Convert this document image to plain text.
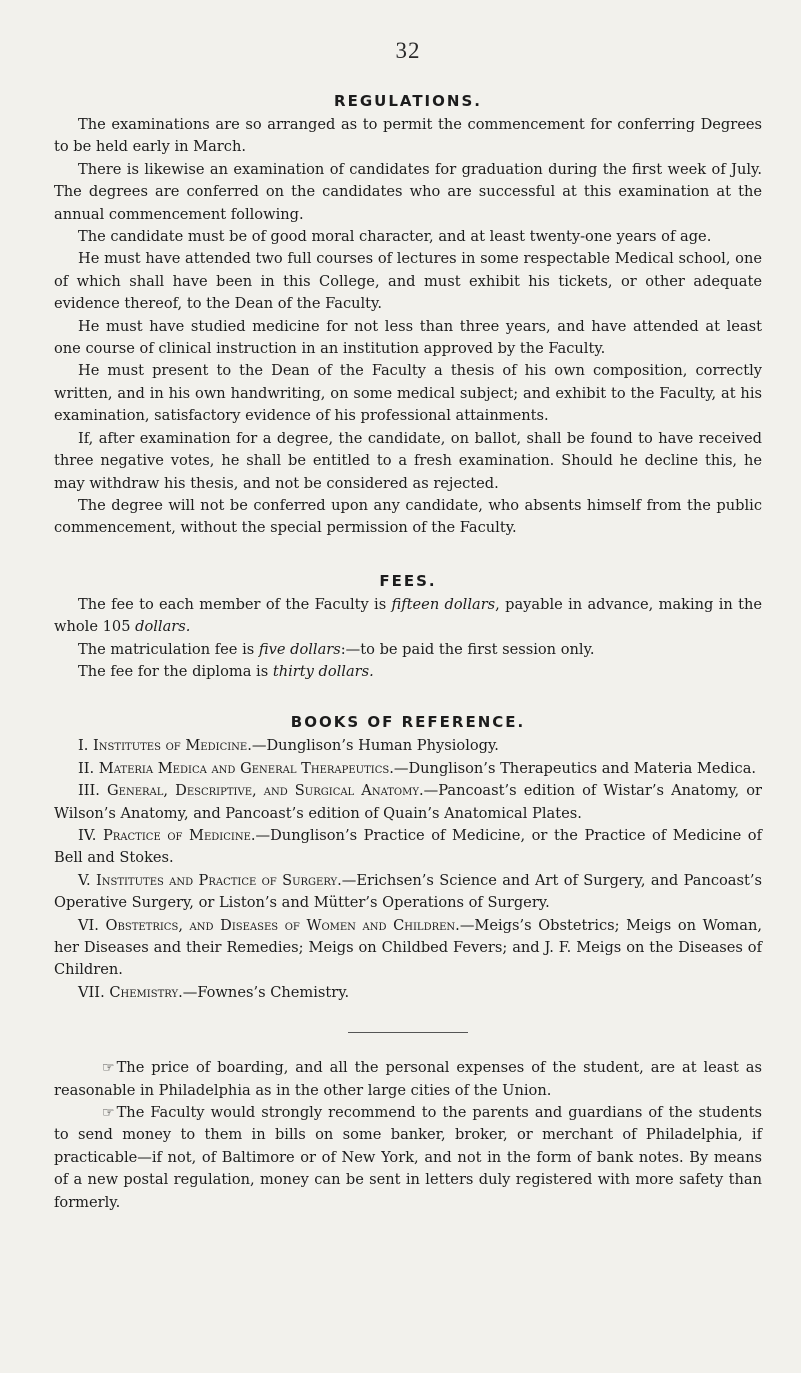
32
REGULATIONS.

The examinations are so arranged as to permit the commencement for conferring Degrees to be held early in March.

There is likewise an examination of candidates for graduation during the first week of July. The degrees are conferred on the candidates who are successful at this examination at the annual commencement following.

The candidate must be of good moral character, and at least twenty-one years of age.

He must have attended two full courses of lectures in some respectable Medical school, one of which shall have been in this College, and must exhibit his tickets, or other adequate evidence thereof, to the Dean of the Faculty.

He must have studied medicine for not less than three years, and have attended at least one course of clinical instruction in an institution approved by the Faculty.

He must present to the Dean of the Faculty a thesis of his own composition, correctly written, and in his own handwriting, on some medical subject; and exhibit to the Faculty, at his examination, satisfactory evidence of his professional attainments.

If, after examination for a degree, the candidate, on ballot, shall be found to have received three negative votes, he shall be entitled to a fresh examination. Should he decline this, he may withdraw his thesis, and not be considered as rejected.

The degree will not be conferred upon any candidate, who absents himself from the public commencement, without the special permission of the Faculty.

FEES.

The fee to each member of the Faculty is fifteen dollars, payable in advance, making in the whole 105 dollars.

The matriculation fee is five dollars:—to be paid the first session only.

The fee for the diploma is thirty dollars.

BOOKS OF REFERENCE.

I. Institutes of Medicine.—Dunglison’s Human Physiology.

II. Materia Medica and General Therapeutics.—Dunglison’s Therapeutics and Materia Medica.

III. General, Descriptive, and Surgical Anatomy.—Pancoast’s edition of Wistar’s Anatomy, or Wilson’s Anatomy, and Pancoast’s edition of Quain’s Anatomical Plates.

IV. Practice of Medicine.—Dunglison’s Practice of Medicine, or the Practice of Medicine of Bell and Stokes.

V. Institutes and Practice of Surgery.—Erichsen’s Science and Art of Surgery, and Pancoast’s Operative Surgery, or Liston’s and Mütter’s Operations of Surgery.

VI. Obstetrics, and Diseases of Women and Children.—Meigs’s Obstetrics; Meigs on Woman, her Diseases and their Remedies; Meigs on Childbed Fevers; and J. F. Meigs on the Diseases of Children.

VII. Chemistry.—Fownes’s Chemistry.

☞ The price of boarding, and all the personal expenses of the student, are at least as reasonable in Philadelphia as in the other large cities of the Union.

☞ The Faculty would strongly recommend to the parents and guardians of the students to send money to them in bills on some banker, broker, or merchant of Philadelphia, if practicable—if not, of Baltimore or of New York, and not in the form of bank notes. By means of a new postal regulation, money can be sent in letters duly registered with more safety than formerly.
